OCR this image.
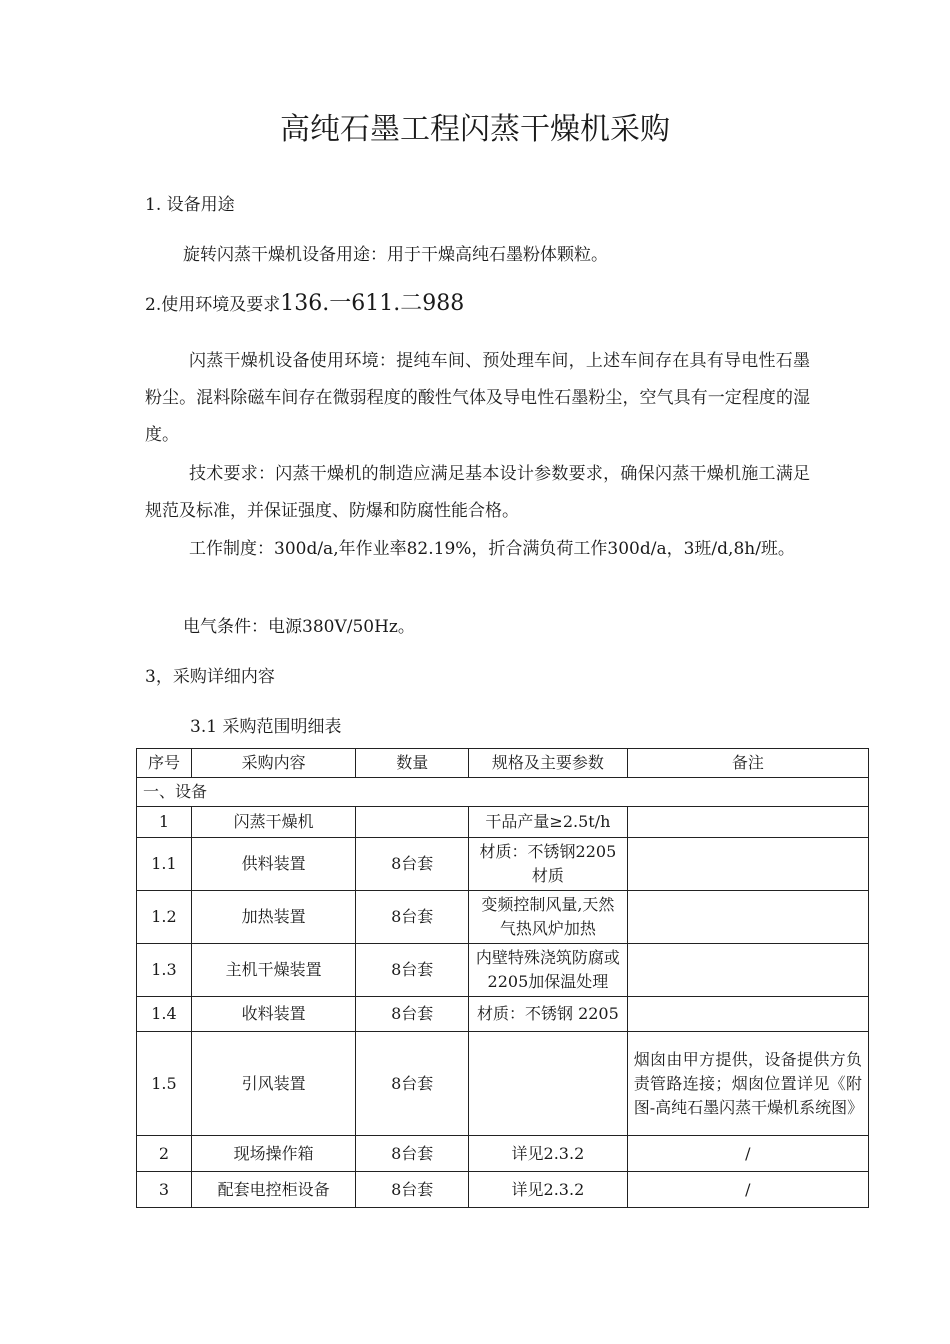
高纯石墨工程闪蒸干燥机采购
1. 设备用途
旋转闪蒸干燥机设备用途：用于干燥高纯石墨粉体颗粒。
2.使用环境及要求136.一611.二988

闪蒸干燥机设备使用环境：提纯车间、预处理车间，上述车间存在具有导电性石墨粉尘。混料除磁车间存在微弱程度的酸性气体及导电性石墨粉尘，空气具有一定程度的湿度。

技术要求：闪蒸干燥机的制造应满足基本设计参数要求，确保闪蒸干燥机施工满足规范及标准，并保证强度、防爆和防腐性能合格。

工作制度：300d/a,年作业率82.19%，折合满负荷工作300d/a，3班/d,8h/班。

电气条件：电源380V/50Hz。
3，采购详细内容
3.1 采购范围明细表
序号	采购内容	数量	规格及主要参数	备注
一、设备				
1	闪蒸干燥机		干品产量≥2.5t/h	
1.1	供料装置	8台套	材质：不锈钢2205材质	
1.2	加热装置	8台套	变频控制风量,天然气热风炉加热	
1.3	主机干燥装置	8台套	内壁特殊浇筑防腐或2205加保温处理	
1.4	收料装置	8台套	材质：不锈钢 2205	
1.5	引风装置	8台套		烟囱由甲方提供，设备提供方负责管路连接；烟囱位置详见《附图-高纯石墨闪蒸干燥机系统图》
2	现场操作箱	8台套	详见2.3.2	/
3	配套电控柜设备	8台套	详见2.3.2	/
